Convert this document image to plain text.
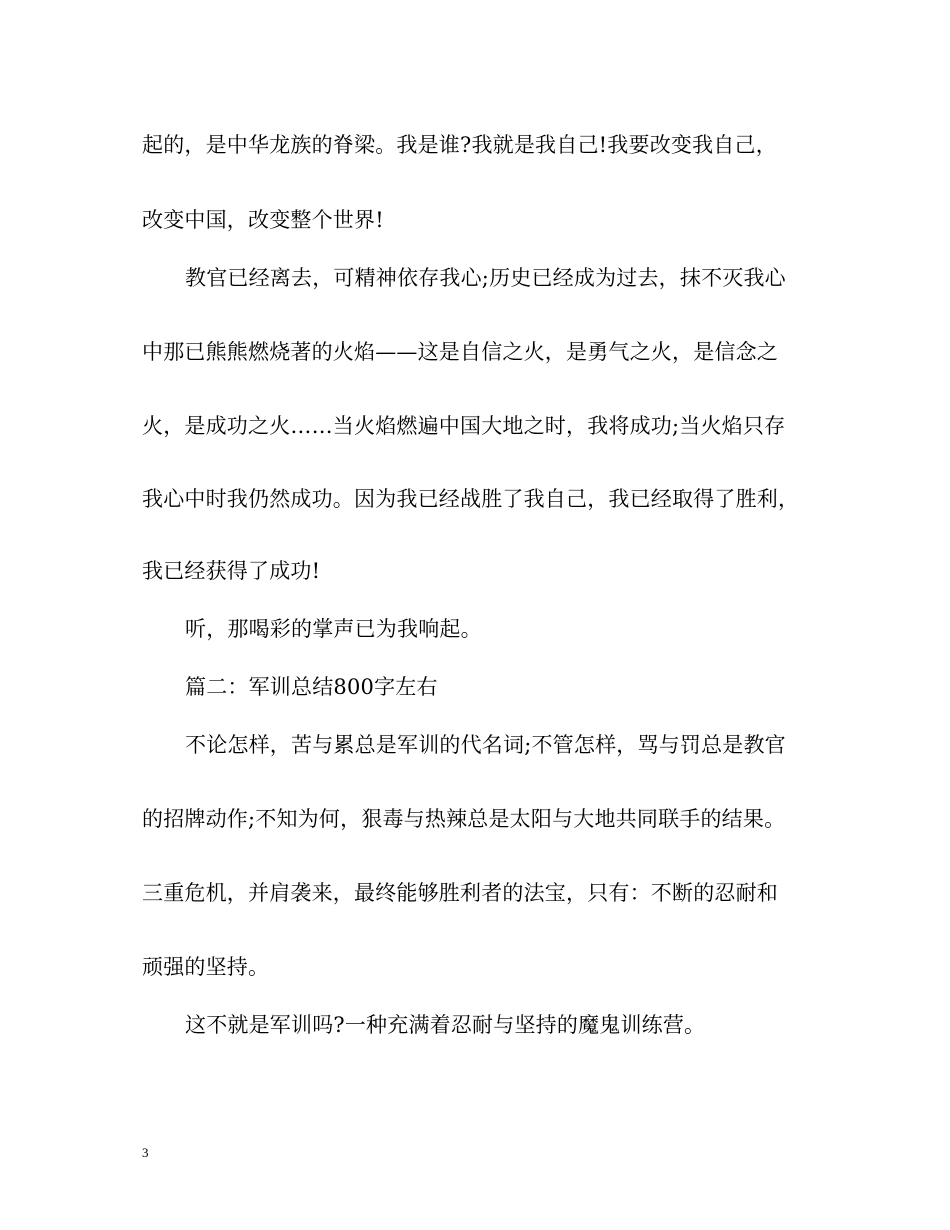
起的，是中华龙族的脊梁。我是谁?我就是我自己!我要改变我自己，
改变中国，改变整个世界!
教官已经离去，可精神依存我心;历史已经成为过去，抹不灭我心
中那已熊熊燃烧著的火焰——这是自信之火，是勇气之火，是信念之
火，是成功之火……当火焰燃遍中国大地之时，我将成功;当火焰只存
我心中时我仍然成功。因为我已经战胜了我自己，我已经取得了胜利，
我已经获得了成功!
听，那喝彩的掌声已为我响起。
篇二：军训总结800字左右
不论怎样，苦与累总是军训的代名词;不管怎样，骂与罚总是教官
的招牌动作;不知为何，狠毒与热辣总是太阳与大地共同联手的结果。
三重危机，并肩袭来，最终能够胜利者的法宝，只有：不断的忍耐和
顽强的坚持。
这不就是军训吗?一种充满着忍耐与坚持的魔鬼训练营。
3
